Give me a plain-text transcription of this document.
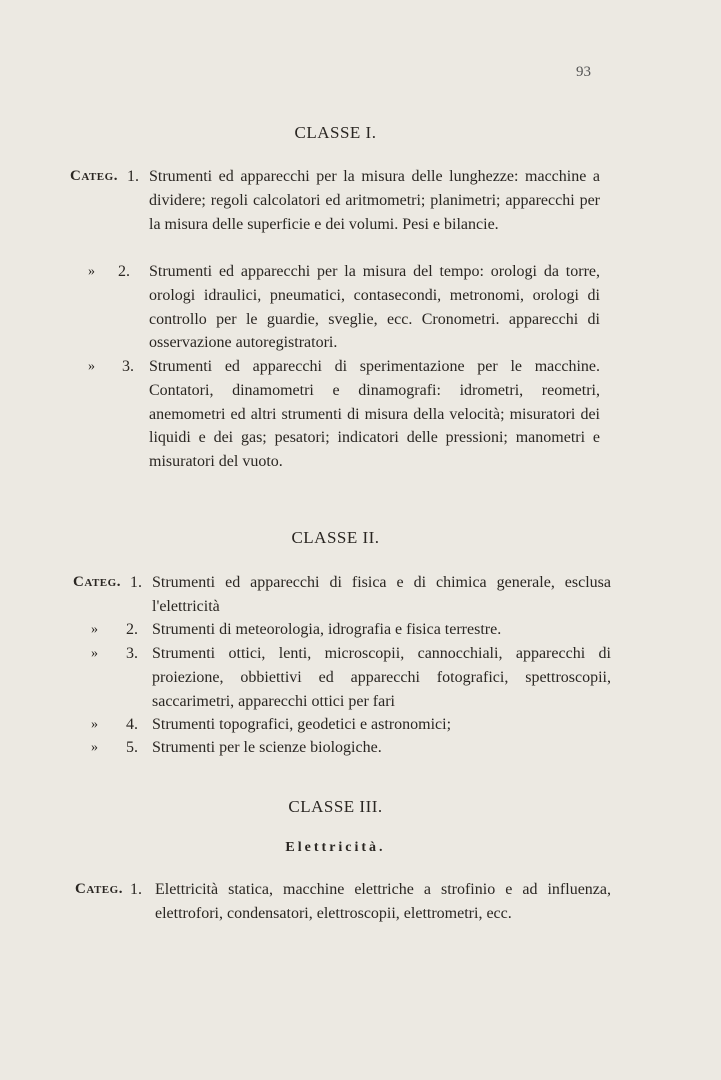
93
CLASSE I.
Categ. 1. Strumenti ed apparecchi per la misura delle lunghezze: macchine a dividere; regoli calcolatori ed aritmometri; planimetri; apparecchi per la misura delle superficie e dei volumi. Pesi e bilancie.
» 2. Strumenti ed apparecchi per la misura del tempo: orologi da torre, orologi idraulici, pneumatici, contasecondi, metronomi, orologi di controllo per le guardie, sveglie, ecc. Cronometri. apparecchi di osservazione autoregistratori.
» 3. Strumenti ed apparecchi di sperimentazione per le macchine. Contatori, dinamometri e dinamografi: idrometri, reometri, anemometri ed altri strumenti di misura della velocità; misuratori dei liquidi e dei gas; pesatori; indicatori delle pressioni; manometri e misuratori del vuoto.
CLASSE II.
Categ. 1. Strumenti ed apparecchi di fisica e di chimica generale, esclusa l'elettricità
» 2. Strumenti di meteorologia, idrografia e fisica terrestre.
» 3. Strumenti ottici, lenti, microscopii, cannocchiali, apparecchi di proiezione, obbiettivi ed apparecchi fotografici, spettroscopii, saccarimetri, apparecchi ottici per fari
» 4. Strumenti topografici, geodetici e astronomici;
» 5. Strumenti per le scienze biologiche.
CLASSE III.
Elettricità.
Categ. 1. Elettricità statica, macchine elettriche a strofinio e ad influenza, elettrofori, condensatori, elettroscopii, elettrometri, ecc.
